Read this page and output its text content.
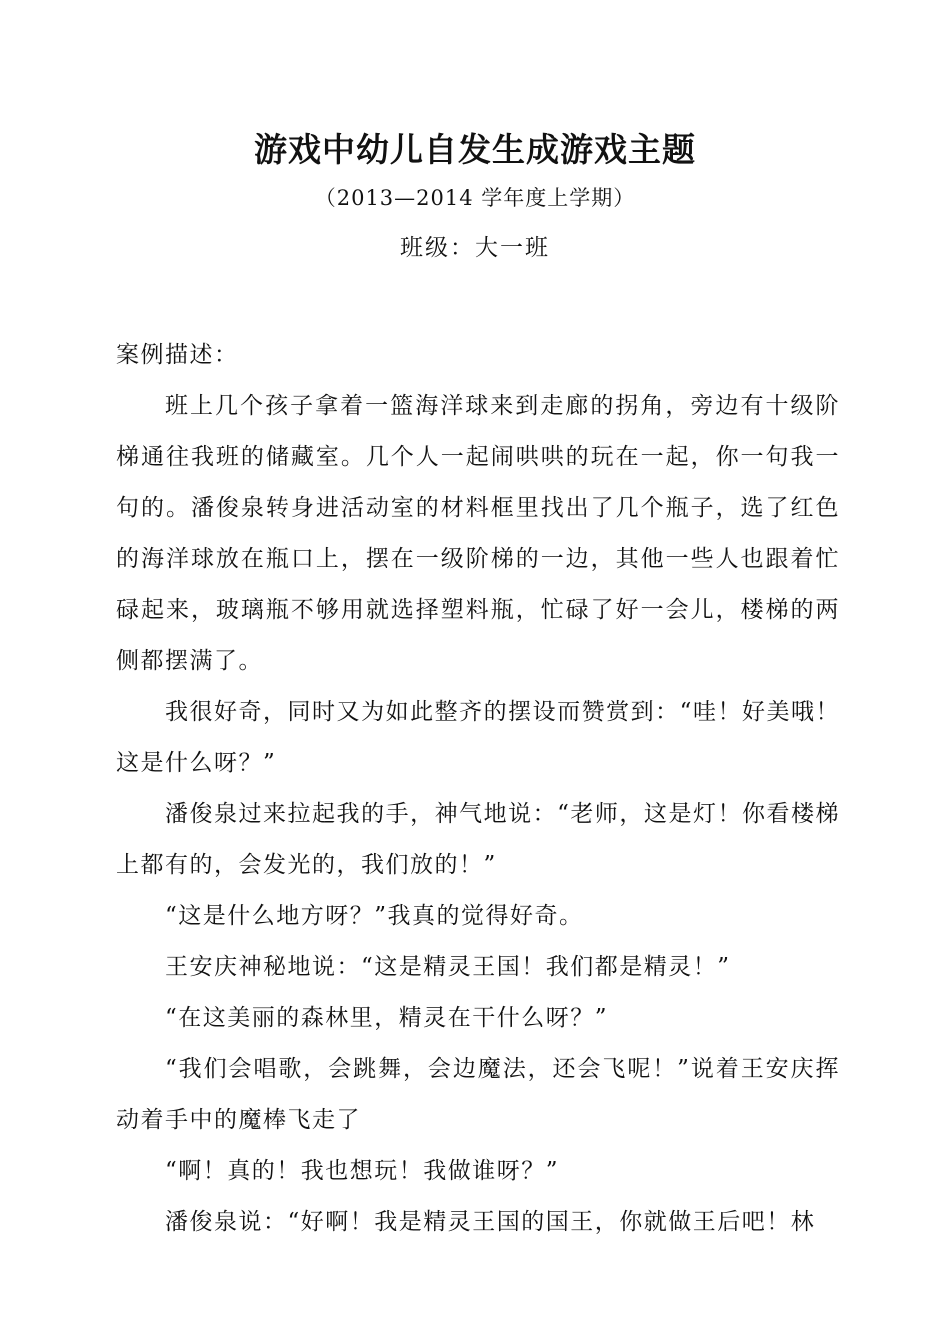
游戏中幼儿自发生成游戏主题
（2013—2014 学年度上学期）
班级：大一班

案例描述：

班上几个孩子拿着一篮海洋球来到走廊的拐角，旁边有十级阶梯通往我班的储藏室。几个人一起闹哄哄的玩在一起，你一句我一句的。潘俊泉转身进活动室的材料框里找出了几个瓶子，选了红色的海洋球放在瓶口上，摆在一级阶梯的一边，其他一些人也跟着忙碌起来，玻璃瓶不够用就选择塑料瓶，忙碌了好一会儿，楼梯的两侧都摆满了。

我很好奇，同时又为如此整齐的摆设而赞赏到：“哇！好美哦！这是什么呀？”

潘俊泉过来拉起我的手，神气地说：“老师，这是灯！你看楼梯上都有的，会发光的，我们放的！”

“这是什么地方呀？”我真的觉得好奇。

王安庆神秘地说：“这是精灵王国！我们都是精灵！”

“在这美丽的森林里，精灵在干什么呀？”

“我们会唱歌，会跳舞，会边魔法，还会飞呢！”说着王安庆挥动着手中的魔棒飞走了

“啊！真的！我也想玩！我做谁呀？”

潘俊泉说：“好啊！我是精灵王国的国王，你就做王后吧！林
